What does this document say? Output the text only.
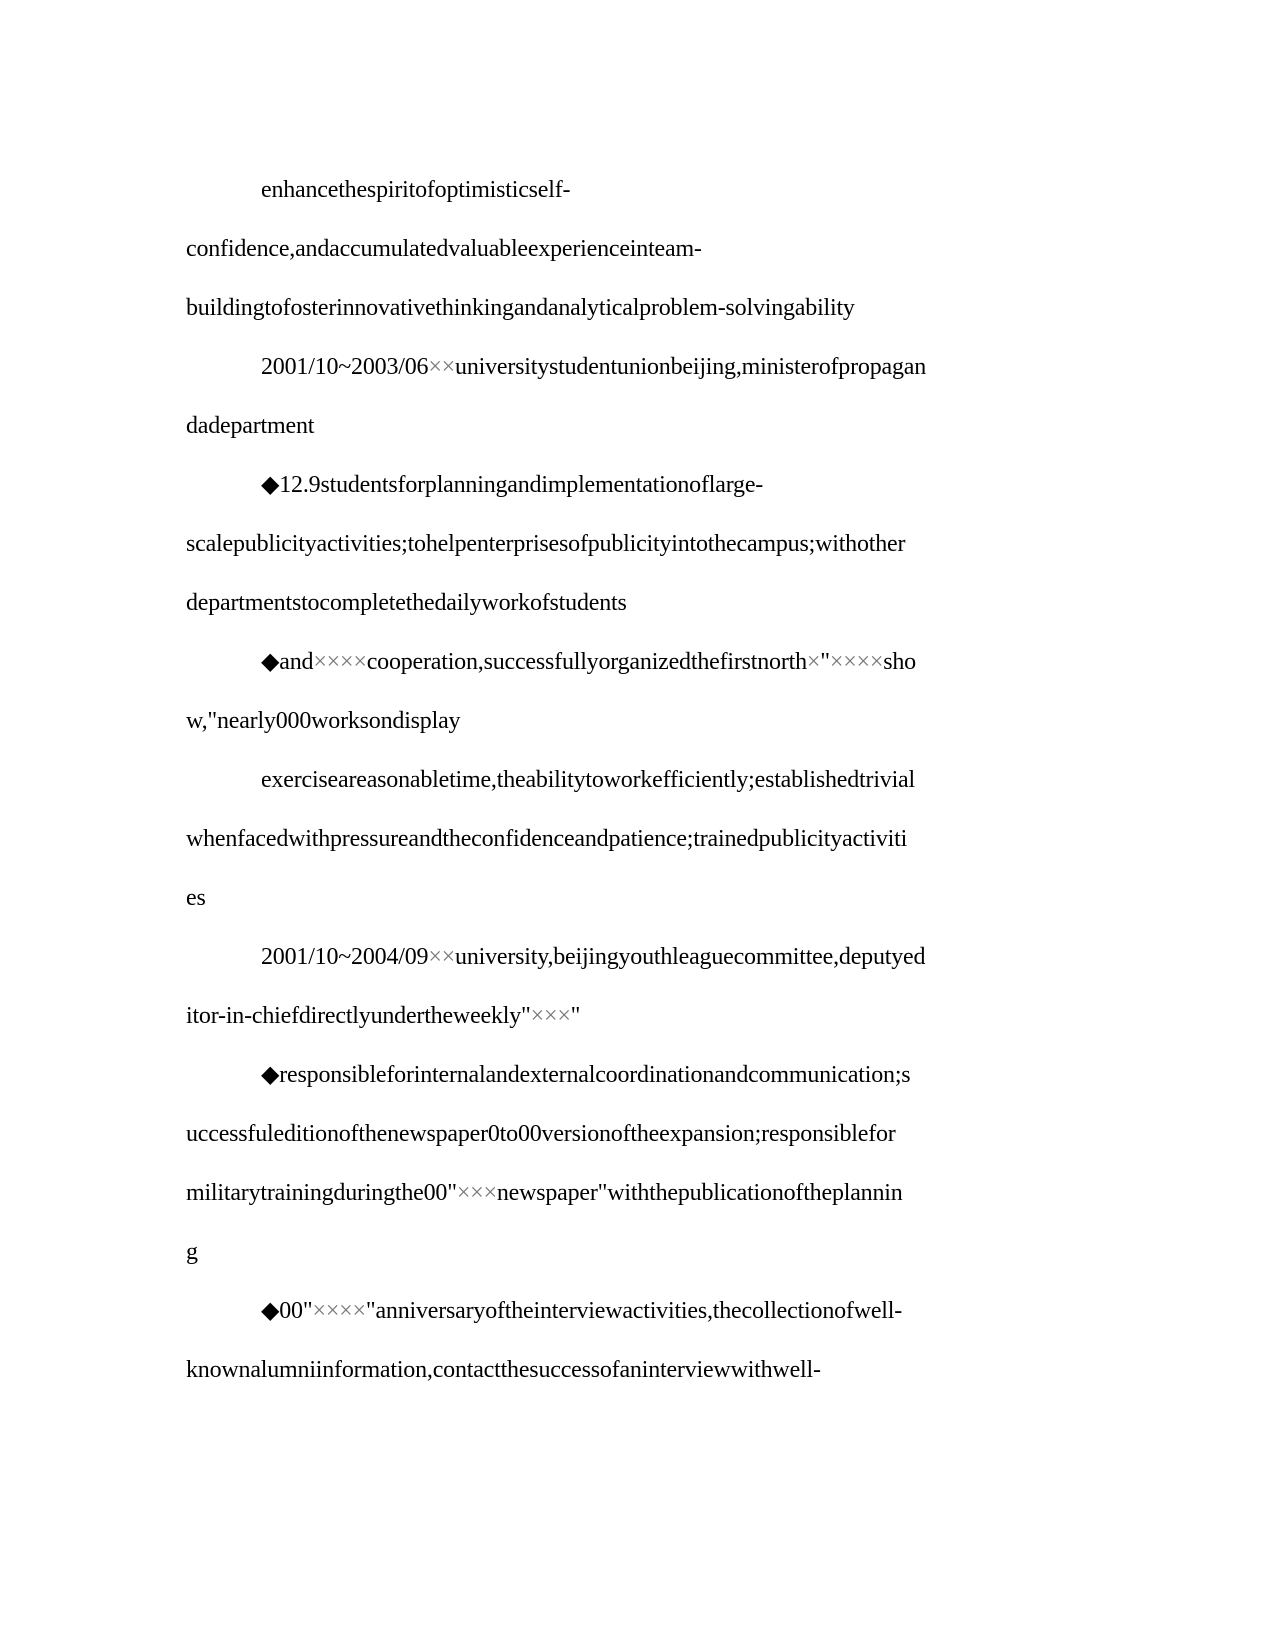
enhancethespiritofoptimisticself-
confidence,andaccumulatedvaluableexperienceinteam-
buildingtofosterinnovativethinkingandanalyticalproblem-solvingability
2001/10~2003/06××universitystudentunionbeijing,ministerofpropagan
dadepartment
◆12.9studentsforplanningandimplementationoflarge-
scalepublicityactivities;tohelpenterprisesofpublicityintothecampus;withother
departmentstocompletethedailyworkofstudents
◆and××××cooperation,successfullyorganizedthefirstnorth×"××××sho
w,"nearly000worksondisplay
exerciseareasonabletime,theabilitytoworkefficiently;establishedtrivial
whenfacedwithpressureandtheconfidenceandpatience;trainedpublicityactiviti
es
2001/10~2004/09××university,beijingyouthleaguecommittee,deputyed
itor-in-chiefdirectlyundertheweekly"×××"
◆responsibleforinternalandexternalcoordinationandcommunication;s
uccessfuleditionofthenewspaper0to00versionoftheexpansion;responsiblefor
militarytrainingduringthe00"×××newspaper"withthepublicationoftheplannin
g
◆00"××××"anniversaryoftheinterviewactivities,thecollectionofwell-
knownalumniinformation,contactthesuccessofaninterviewwithwell-
